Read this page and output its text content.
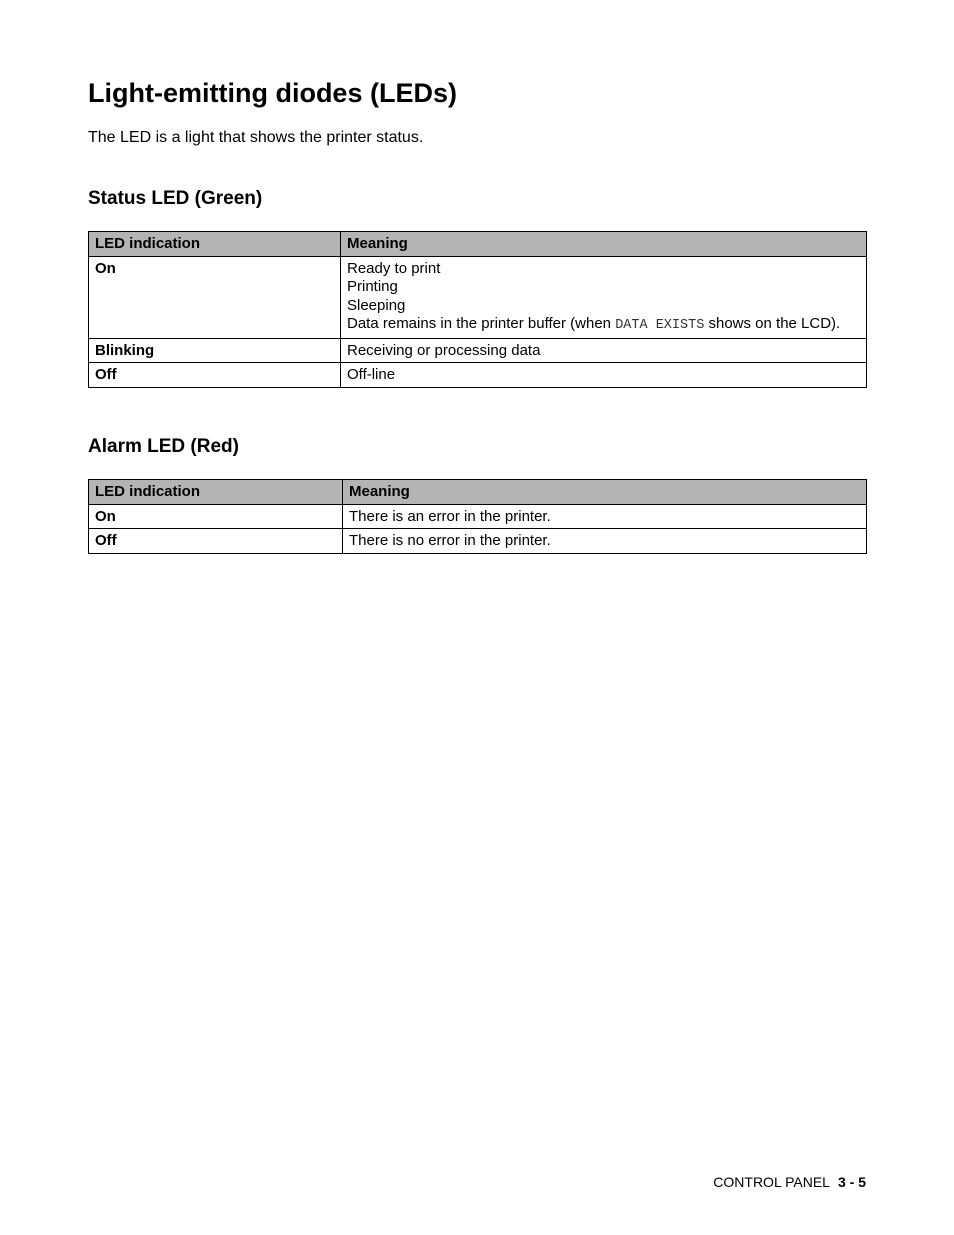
Light-emitting diodes (LEDs)

The LED is a light that shows the printer status.

Status LED (Green)
LED indication	Meaning
On	Ready to print
Printing
Sleeping
Data remains in the printer buffer (when DATA EXISTS shows on the LCD).

Blinking	Receiving or processing data
Off	Off-line
Alarm LED (Red)
LED indication	Meaning
On	There is an error in the printer.
Off	There is no error in the printer.
CONTROL PANEL 3 - 5
